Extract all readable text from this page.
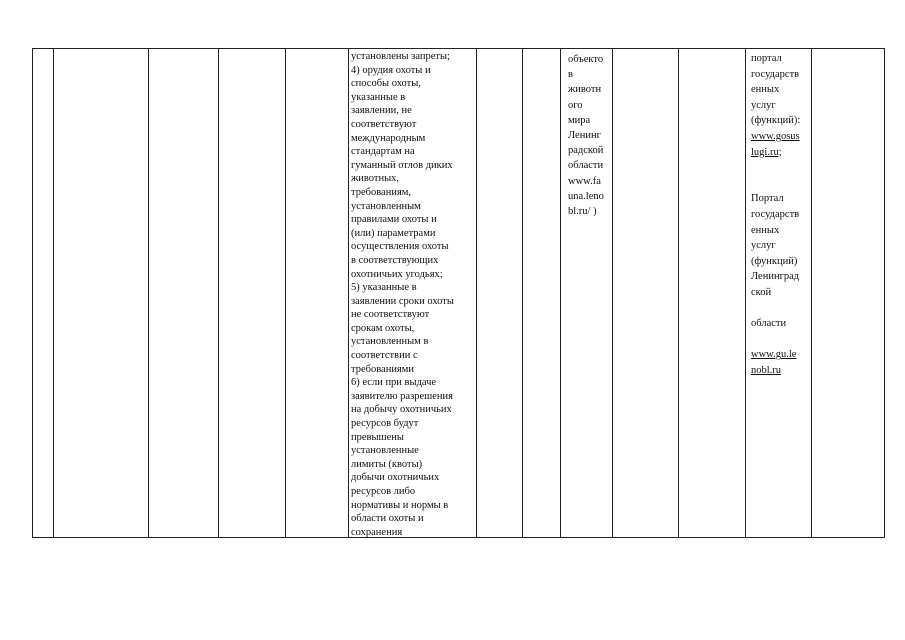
установлены запреты;
4) орудия охоты и
способы охоты,
указанные в
заявлении, не
соответствуют
международным
стандартам на
гуманный отлов диких
животных,
требованиям,
установленным
правилами охоты и
(или) параметрами
осуществления охоты
в соответствующих
охотничьих угодьях;
5) указанные в
заявлении сроки охоты
не соответствуют
срокам охоты,
установленным в
соответствии с
требованиями
6) если при выдаче
заявителю разрешения
на добычу охотничьих
ресурсов будут
превышены
установленные
лимиты (квоты)
добычи охотничьих
ресурсов либо
нормативы и нормы в
области охоты и
сохранения
объекто
в
животн
ого
мира
Ленинг
радской
области
www.fa
una.leno
bl.ru/ )
портал
государств
енных
услуг
(функций):
www.gosus
lugi.ru;

Портал
государств
енных
услуг
(функций)
Ленинград
ской

области

www.gu.le
nobl.ru
